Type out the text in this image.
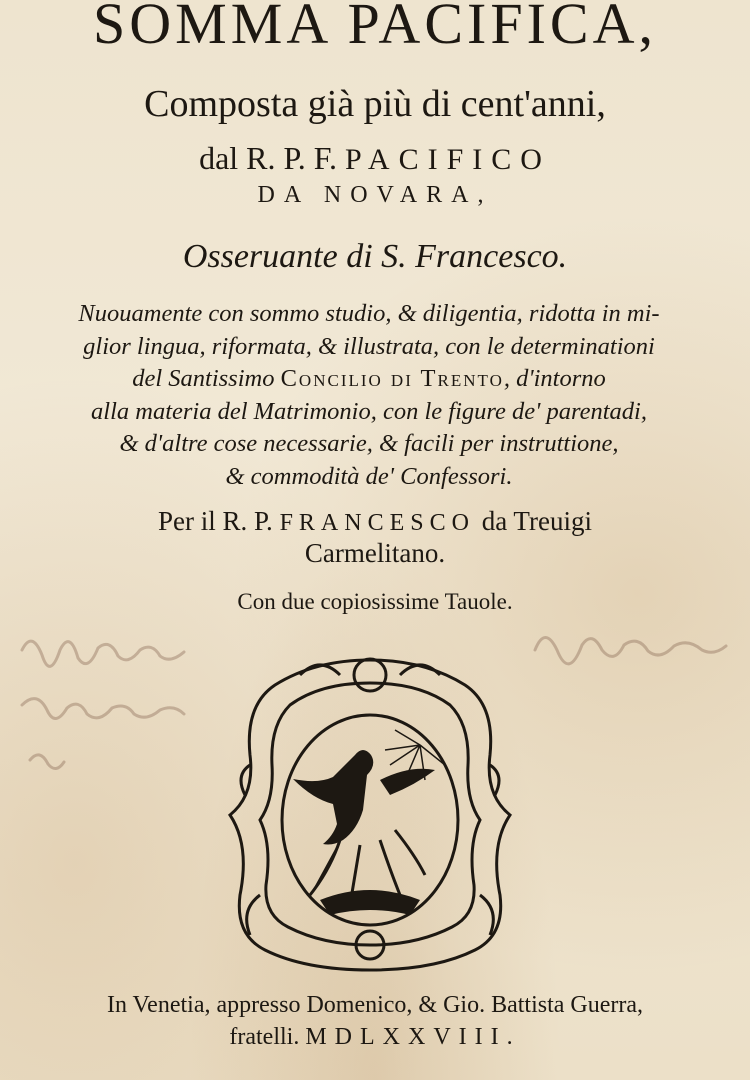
SOMMA PACIFICA,
Composta già più di cent'anni,
dal R. P. F. PACIFICO
DA NOVARA,
Osseruante di S. Francesco.
Nuouamente con sommo studio, & diligentia, ridotta in mi-
glior lingua, riformata, & illustrata, con le determinationi
del Santissimo Concilio di Trento, d'intorno
alla materia del Matrimonio, con le figure de' parentadi,
& d'altre cose necessarie, & facili per instruttione,
& commodità de' Confessori.
Per il R. P. FRANCESCO da Treuigi
Carmelitano.
Con due copiosissime Tauole.
In Venetia, appresso Domenico, & Gio. Battista Guerra,
fratelli. MDLXXVIII.
